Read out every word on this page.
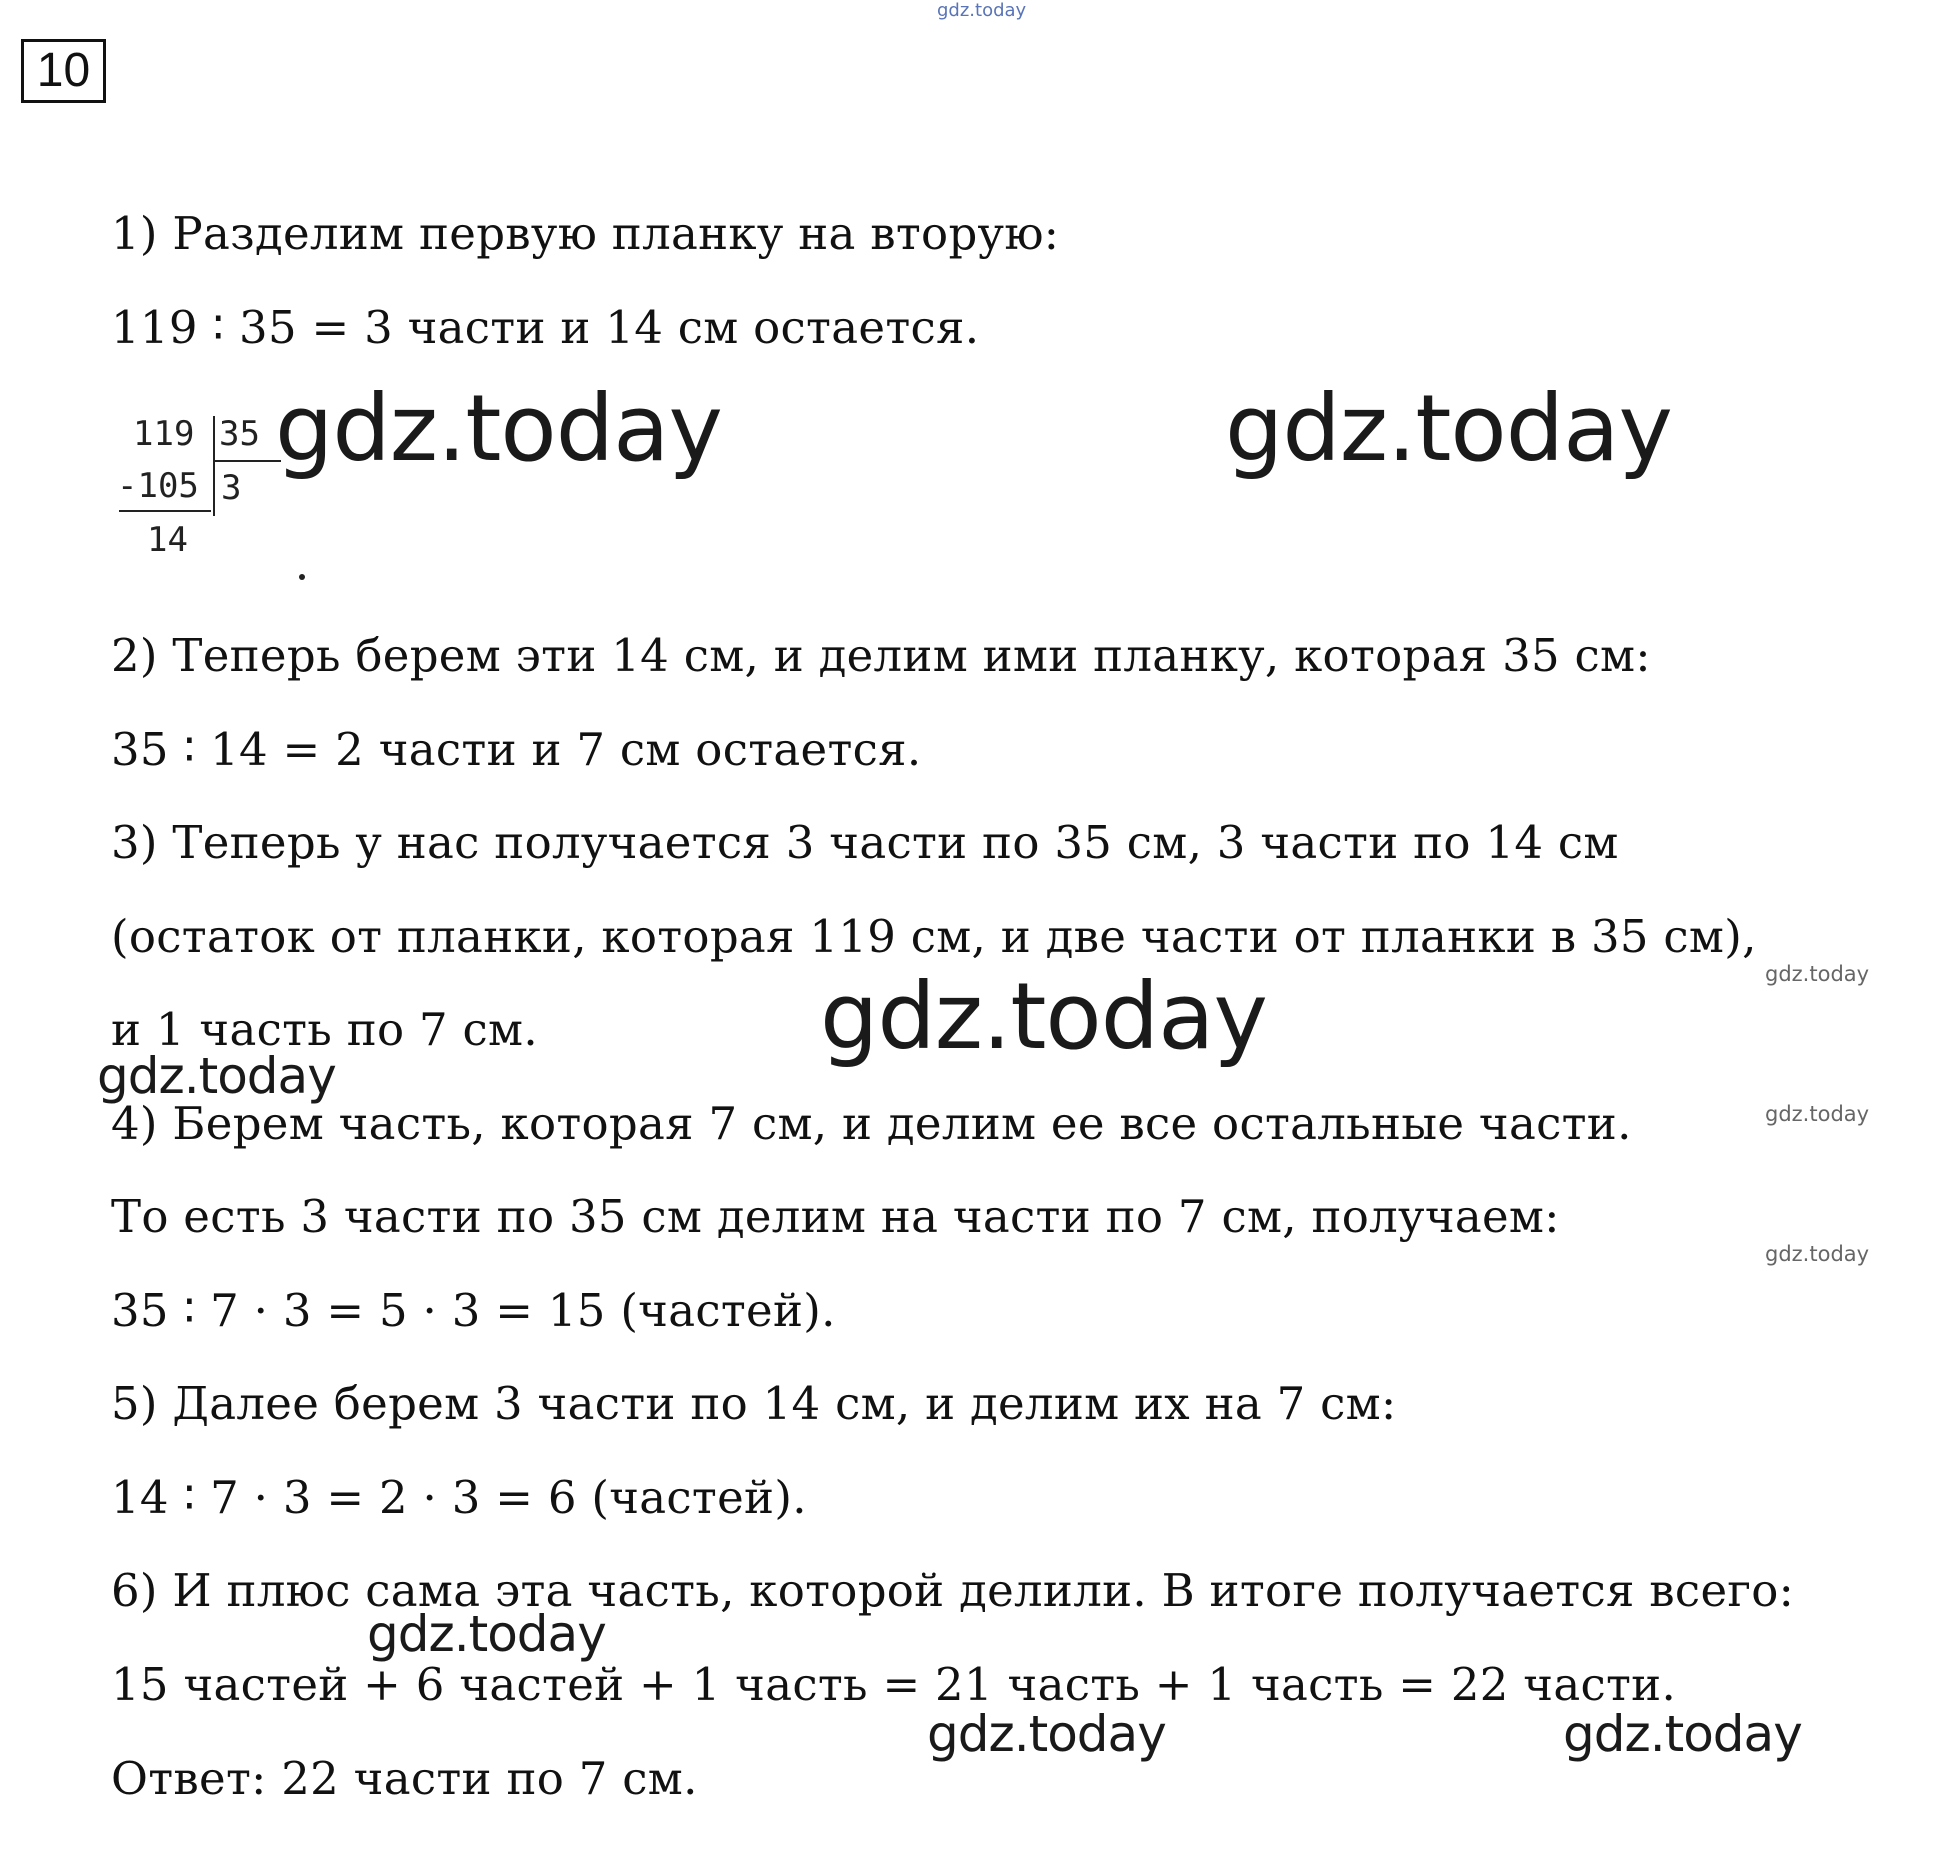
10
gdz.today
1) Разделим первую планку на вторую:
119 ∶ 35 = 3 части и 14 см остается.
119 35
-105 3
14
2) Теперь берем эти 14 см, и делим ими планку, которая 35 см:
35 ∶ 14 = 2 части и 7 см остается.
3) Теперь у нас получается 3 части по 35 см, 3 части по 14 см
(остаток от планки, которая 119 см, и две части от планки в 35 см),
и 1 часть по 7 см.
4) Берем часть, которая 7 см, и делим ее все остальные части.
То есть 3 части по 35 см делим на части по 7 см, получаем:
35 ∶ 7 · 3 = 5 · 3 = 15 (частей).
5) Далее берем 3 части по 14 см, и делим их на 7 см:
14 ∶ 7 · 3 = 2 · 3 = 6 (частей).
6) И плюс сама эта часть, которой делили. В итоге получается всего:
15 частей + 6 частей + 1 часть = 21 часть + 1 часть = 22 части.
Ответ: 22 части по 7 см.
gdz.today	gdz.today
gdz.today
gdz.today
gdz.today
gdz.today	gdz.today
gdz.today
gdz.today
gdz.today
